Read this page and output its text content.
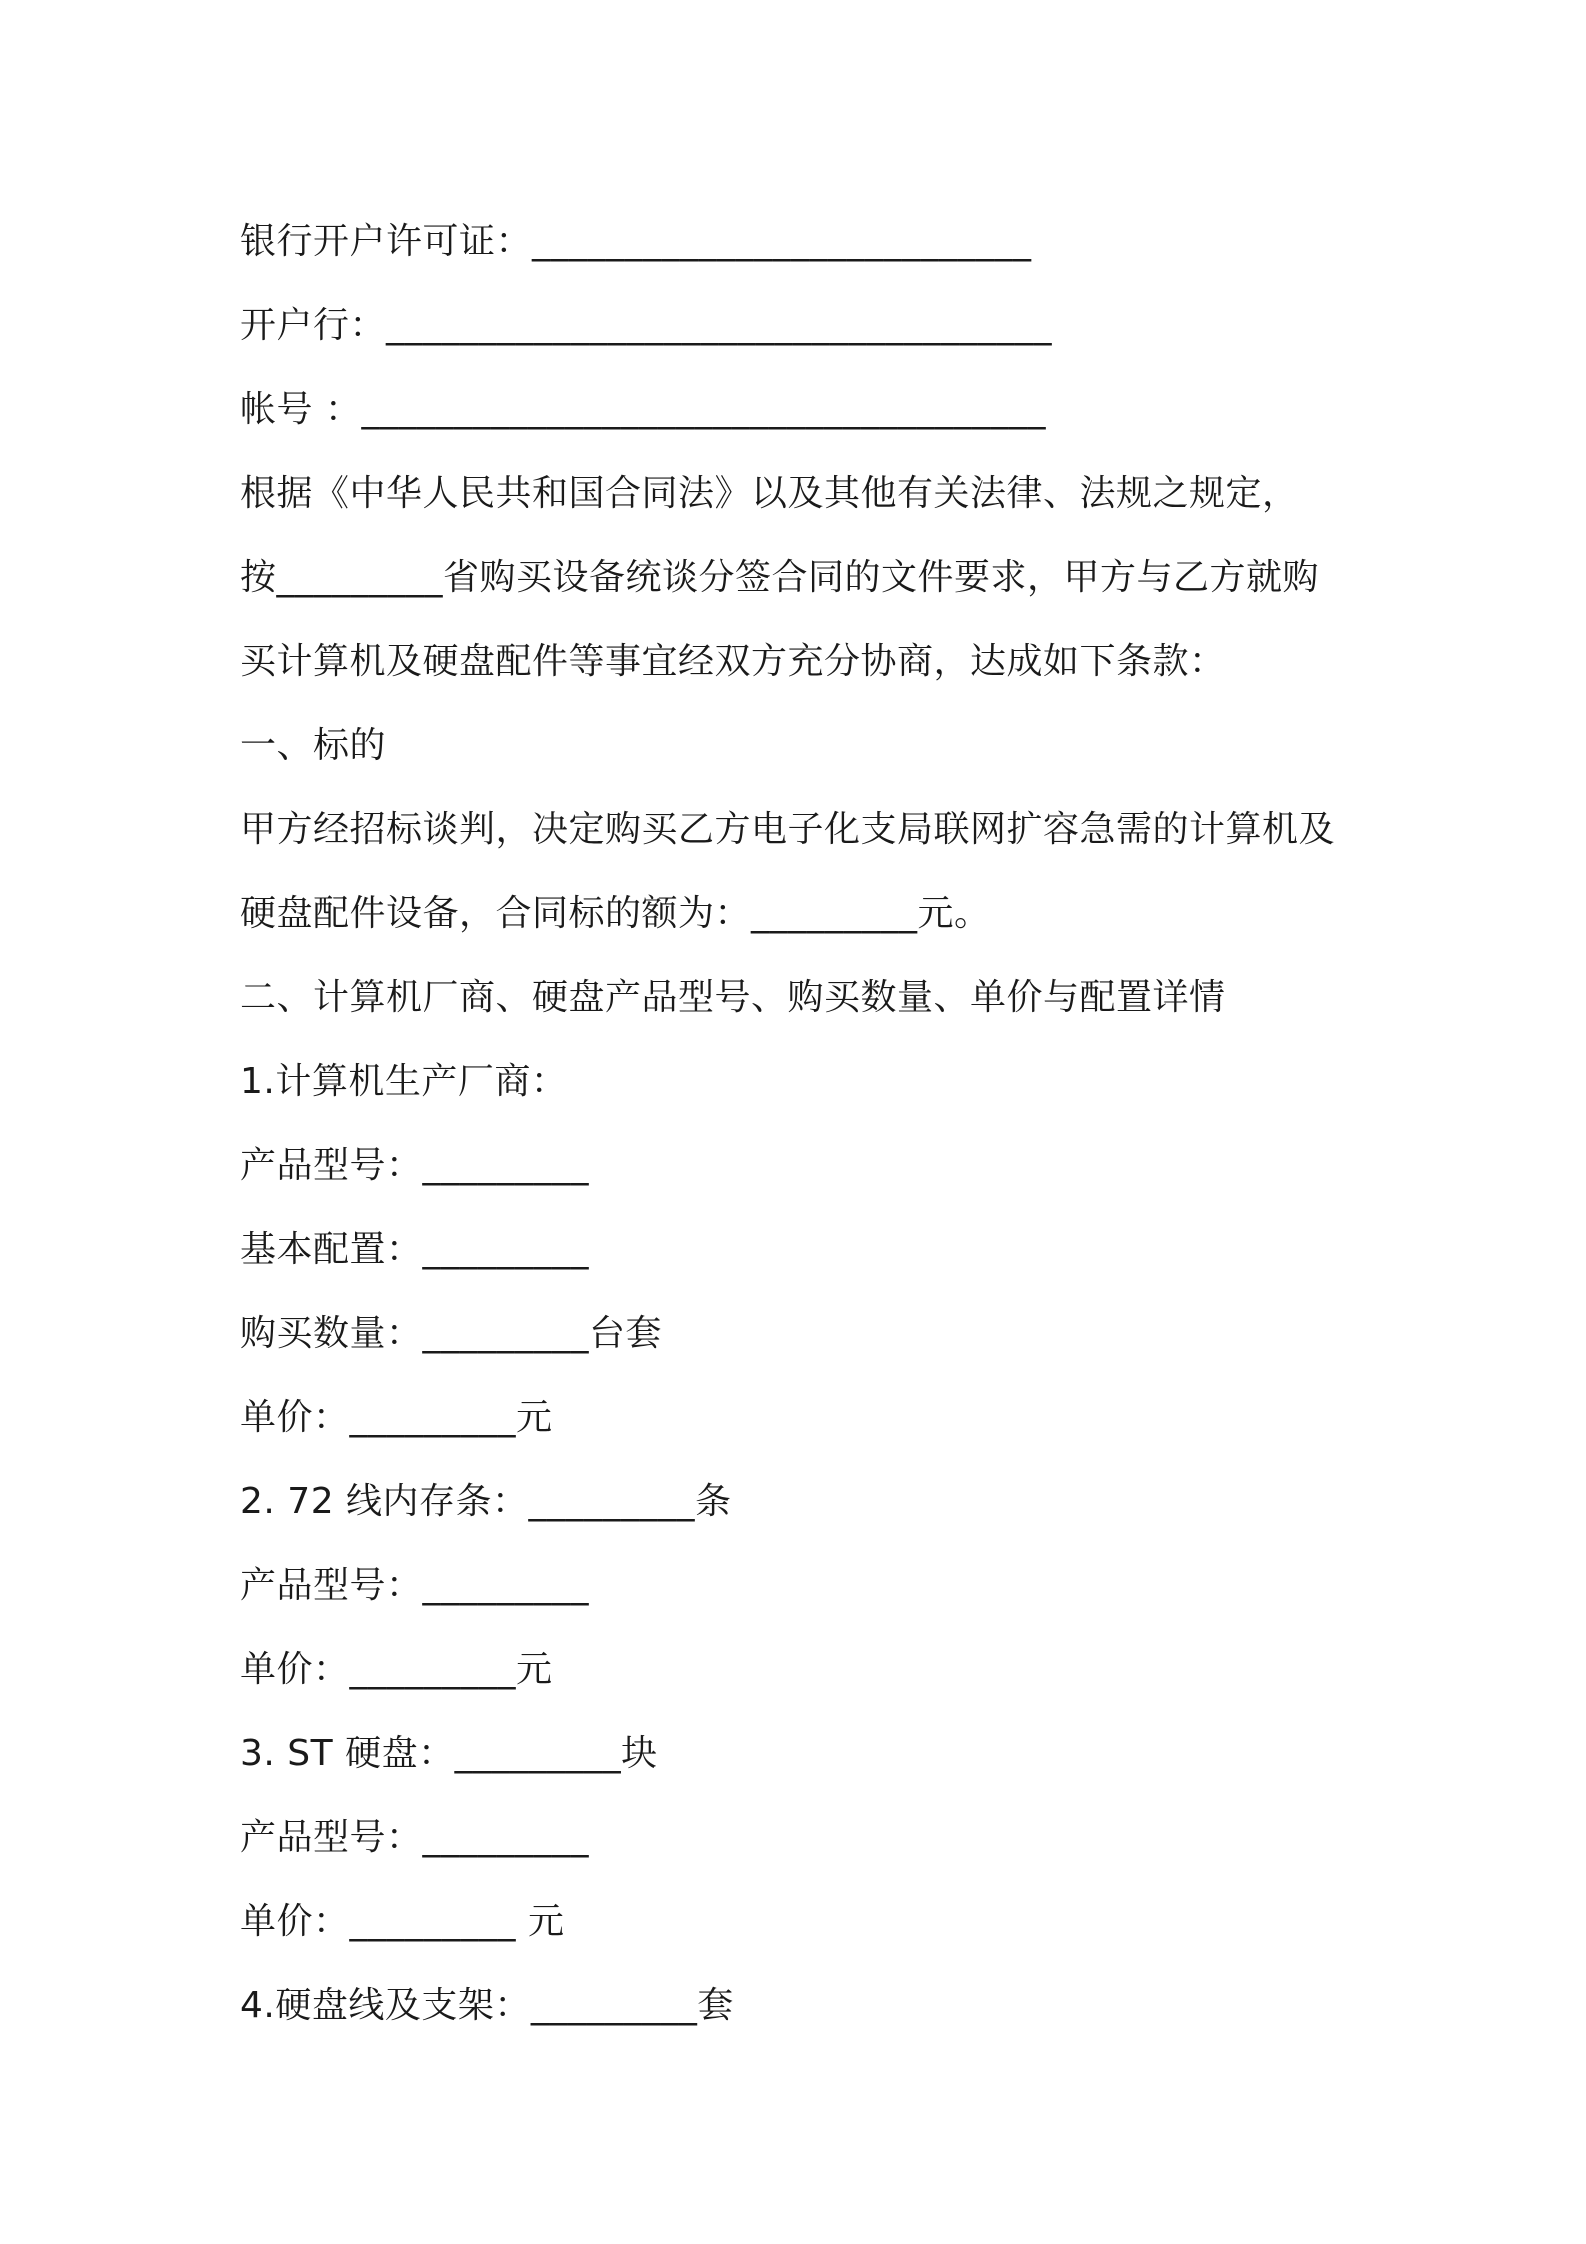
银行开户许可证：___________________________
开户行：____________________________________
帐号 ：_____________________________________
根据《中华人民共和国合同法》以及其他有关法律、法规之规定，
按_________省购买设备统谈分签合同的文件要求，甲方与乙方就购
买计算机及硬盘配件等事宜经双方充分协商，达成如下条款：
一、标的
甲方经招标谈判，决定购买乙方电子化支局联网扩容急需的计算机及
硬盘配件设备，合同标的额为：_________元。
二、计算机厂商、硬盘产品型号、购买数量、单价与配置详情
1.计算机生产厂商：
产品型号：_________
基本配置：_________
购买数量：_________台套
单价：_________元
2. 72 线内存条：_________条
产品型号：_________
单价：_________元
3. ST 硬盘：_________块
产品型号：_________
单价：_________ 元
4.硬盘线及支架：_________套
